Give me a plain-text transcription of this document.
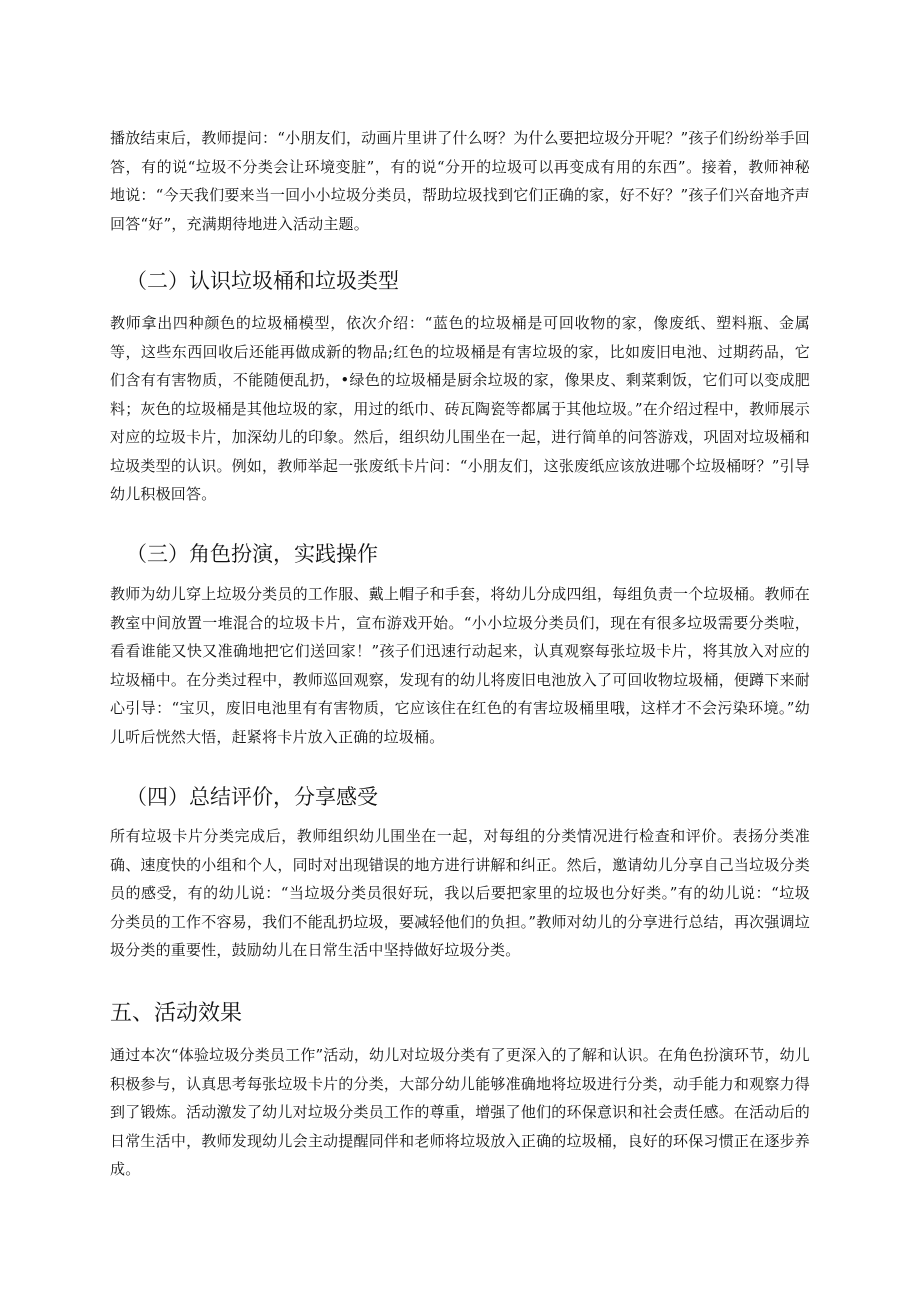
播放结束后，教师提问：“小朋友们，动画片里讲了什么呀？为什么要把垃圾分开呢？”孩子们纷纷举手回答，有的说“垃圾不分类会让环境变脏”，有的说“分开的垃圾可以再变成有用的东西”。接着，教师神秘地说：“今天我们要来当一回小小垃圾分类员，帮助垃圾找到它们正确的家，好不好？”孩子们兴奋地齐声回答“好”，充满期待地进入活动主题。

（二）认识垃圾桶和垃圾类型

教师拿出四种颜色的垃圾桶模型，依次介绍：“蓝色的垃圾桶是可回收物的家，像废纸、塑料瓶、金属等，这些东西回收后还能再做成新的物品;红色的垃圾桶是有害垃圾的家，比如废旧电池、过期药品，它们含有有害物质，不能随便乱扔，•绿色的垃圾桶是厨余垃圾的家，像果皮、剩菜剩饭，它们可以变成肥料；灰色的垃圾桶是其他垃圾的家，用过的纸巾、砖瓦陶瓷等都属于其他垃圾。”在介绍过程中，教师展示对应的垃圾卡片，加深幼儿的印象。然后，组织幼儿围坐在一起，进行简单的问答游戏，巩固对垃圾桶和垃圾类型的认识。例如，教师举起一张废纸卡片问：“小朋友们，这张废纸应该放进哪个垃圾桶呀？”引导幼儿积极回答。

（三）角色扮演，实践操作

教师为幼儿穿上垃圾分类员的工作服、戴上帽子和手套，将幼儿分成四组，每组负责一个垃圾桶。教师在教室中间放置一堆混合的垃圾卡片，宣布游戏开始。“小小垃圾分类员们，现在有很多垃圾需要分类啦，看看谁能又快又准确地把它们送回家！”孩子们迅速行动起来，认真观察每张垃圾卡片，将其放入对应的垃圾桶中。在分类过程中，教师巡回观察，发现有的幼儿将废旧电池放入了可回收物垃圾桶，便蹲下来耐心引导：“宝贝，废旧电池里有有害物质，它应该住在红色的有害垃圾桶里哦，这样才不会污染环境。”幼儿听后恍然大悟，赶紧将卡片放入正确的垃圾桶。

（四）总结评价，分享感受

所有垃圾卡片分类完成后，教师组织幼儿围坐在一起，对每组的分类情况进行检查和评价。表扬分类准确、速度快的小组和个人，同时对出现错误的地方进行讲解和纠正。然后，邀请幼儿分享自己当垃圾分类员的感受，有的幼儿说：“当垃圾分类员很好玩，我以后要把家里的垃圾也分好类。”有的幼儿说：“垃圾分类员的工作不容易，我们不能乱扔垃圾，要减轻他们的负担。”教师对幼儿的分享进行总结，再次强调垃圾分类的重要性，鼓励幼儿在日常生活中坚持做好垃圾分类。

五、活动效果

通过本次“体验垃圾分类员工作”活动，幼儿对垃圾分类有了更深入的了解和认识。在角色扮演环节，幼儿积极参与，认真思考每张垃圾卡片的分类，大部分幼儿能够准确地将垃圾进行分类，动手能力和观察力得到了锻炼。活动激发了幼儿对垃圾分类员工作的尊重，增强了他们的环保意识和社会责任感。在活动后的日常生活中，教师发现幼儿会主动提醒同伴和老师将垃圾放入正确的垃圾桶，良好的环保习惯正在逐步养成。
